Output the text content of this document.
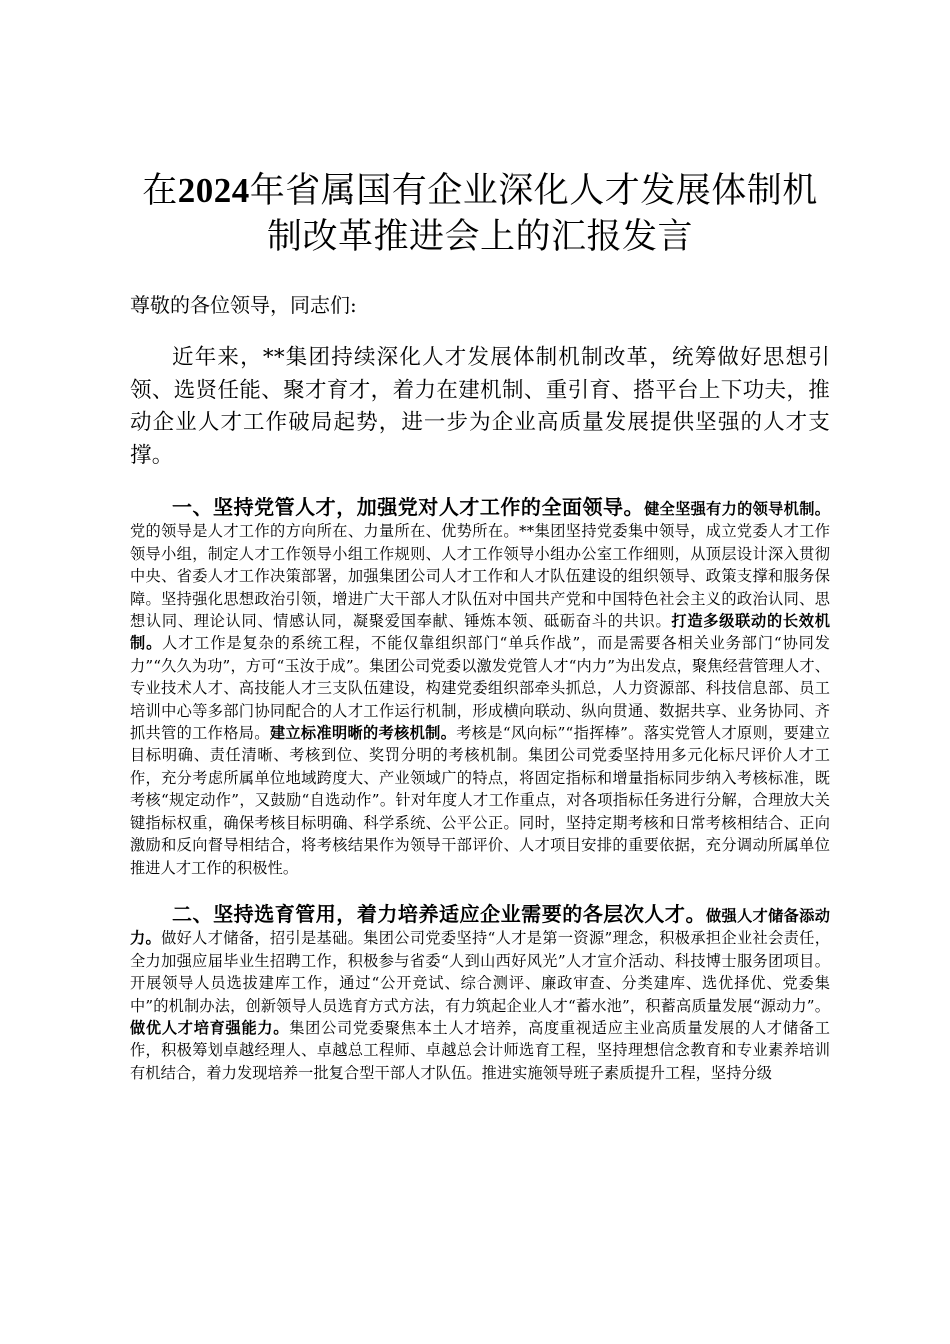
在2024年省属国有企业深化人才发展体制机
制改革推进会上的汇报发言

尊敬的各位领导，同志们:

近年来，**集团持续深化人才发展体制机制改革，统筹做好思想引领、选贤任能、聚才育才，着力在建机制、重引育、搭平台上下功夫，推动企业人才工作破局起势，进一步为企业高质量发展提供坚强的人才支撑。

一、坚持党管人才，加强党对人才工作的全面领导。健全坚强有力的领导机制。党的领导是人才工作的方向所在、力量所在、优势所在。**集团坚持党委集中领导，成立党委人才工作领导小组，制定人才工作领导小组工作规则、人才工作领导小组办公室工作细则，从顶层设计深入贯彻中央、省委人才工作决策部署，加强集团公司人才工作和人才队伍建设的组织领导、政策支撑和服务保障。坚持强化思想政治引领，增进广大干部人才队伍对中国共产党和中国特色社会主义的政治认同、思想认同、理论认同、情感认同，凝聚爱国奉献、锤炼本领、砥砺奋斗的共识。打造多级联动的长效机制。人才工作是复杂的系统工程，不能仅靠组织部门“单兵作战”，而是需要各相关业务部门“协同发力”“久久为功”，方可“玉汝于成”。集团公司党委以激发党管人才“内力”为出发点，聚焦经营管理人才、专业技术人才、高技能人才三支队伍建设，构建党委组织部牵头抓总，人力资源部、科技信息部、员工培训中心等多部门协同配合的人才工作运行机制，形成横向联动、纵向贯通、数据共享、业务协同、齐抓共管的工作格局。建立标准明晰的考核机制。考核是“风向标”“指挥棒”。落实党管人才原则，要建立目标明确、责任清晰、考核到位、奖罚分明的考核机制。集团公司党委坚持用多元化标尺评价人才工作，充分考虑所属单位地域跨度大、产业领域广的特点，将固定指标和增量指标同步纳入考核标准，既考核“规定动作”，又鼓励“自选动作”。针对年度人才工作重点，对各项指标任务进行分解，合理放大关键指标权重，确保考核目标明确、科学系统、公平公正。同时，坚持定期考核和日常考核相结合、正向激励和反向督导相结合，将考核结果作为领导干部评价、人才项目安排的重要依据，充分调动所属单位推进人才工作的积极性。

二、坚持选育管用，着力培养适应企业需要的各层次人才。做强人才储备添动力。做好人才储备，招引是基础。集团公司党委坚持“人才是第一资源”理念，积极承担企业社会责任，全力加强应届毕业生招聘工作，积极参与省委“人到山西好风光”人才宣介活动、科技博士服务团项目。开展领导人员选拔建库工作，通过“公开竞试、综合测评、廉政审查、分类建库、选优择优、党委集中”的机制办法，创新领导人员选育方式方法，有力筑起企业人才“蓄水池”，积蓄高质量发展“源动力”。做优人才培育强能力。集团公司党委聚焦本土人才培养，高度重视适应主业高质量发展的人才储备工作，积极筹划卓越经理人、卓越总工程师、卓越总会计师选育工程，坚持理想信念教育和专业素养培训有机结合，着力发现培养一批复合型干部人才队伍。推进实施领导班子素质提升工程，坚持分级
